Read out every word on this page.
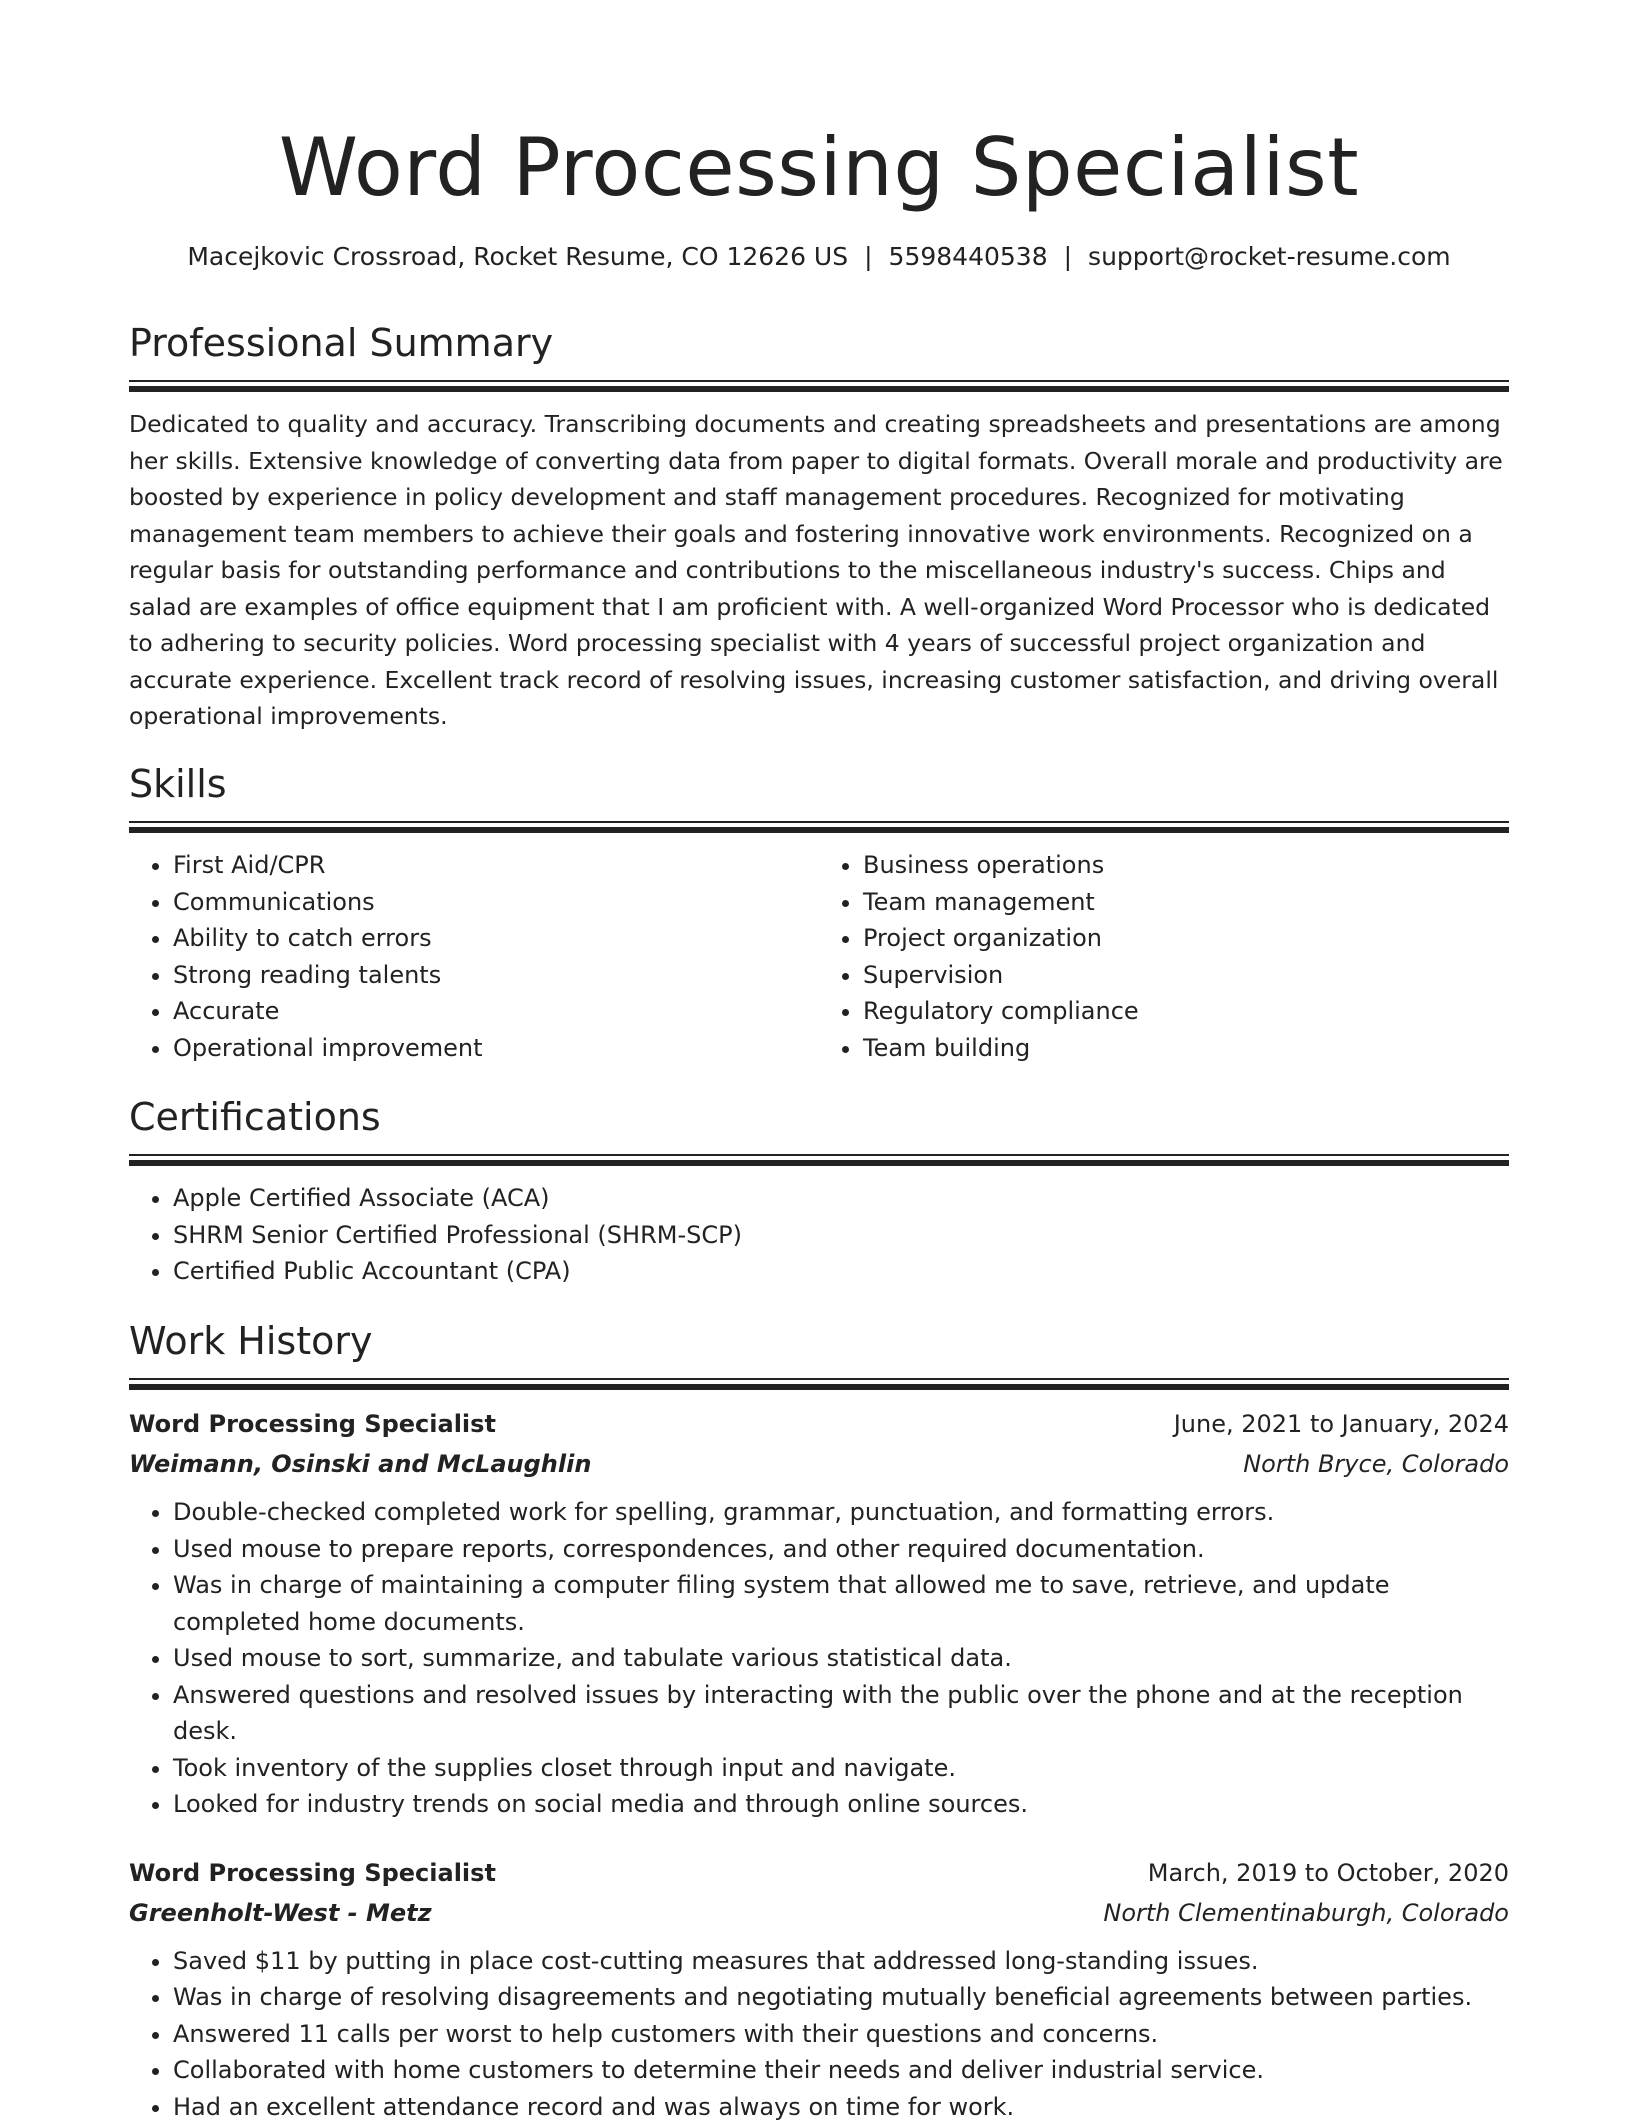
Word Processing Specialist
Macejkovic Crossroad, Rocket Resume, CO 12626 US | 5598440538 | support@rocket-resume.com
Professional Summary

Dedicated to quality and accuracy. Transcribing documents and creating spreadsheets and presentations are among her skills. Extensive knowledge of converting data from paper to digital formats. Overall morale and productivity are boosted by experience in policy development and staff management procedures. Recognized for motivating management team members to achieve their goals and fostering innovative work environments. Recognized on a regular basis for outstanding performance and contributions to the miscellaneous industry's success. Chips and salad are examples of office equipment that I am proficient with. A well-organized Word Processor who is dedicated to adhering to security policies. Word processing specialist with 4 years of successful project organization and accurate experience. Excellent track record of resolving issues, increasing customer satisfaction, and driving overall operational improvements.

Skills
• First Aid/CPR
• Communications
• Ability to catch errors
• Strong reading talents
• Accurate
• Operational improvement
• Business operations
• Team management
• Project organization
• Supervision
• Regulatory compliance
• Team building
Certifications
• Apple Certified Associate (ACA)
• SHRM Senior Certified Professional (SHRM-SCP)
• Certified Public Accountant (CPA)
Work History
Word Processing Specialist	June, 2021 to January, 2024
Weimann, Osinski and McLaughlin	North Bryce, Colorado
• Double-checked completed work for spelling, grammar, punctuation, and formatting errors.
• Used mouse to prepare reports, correspondences, and other required documentation.
• Was in charge of maintaining a computer filing system that allowed me to save, retrieve, and update completed home documents.
• Used mouse to sort, summarize, and tabulate various statistical data.
• Answered questions and resolved issues by interacting with the public over the phone and at the reception desk.
• Took inventory of the supplies closet through input and navigate.
• Looked for industry trends on social media and through online sources.
Word Processing Specialist	March, 2019 to October, 2020
Greenholt-West - Metz	North Clementinaburgh, Colorado
• Saved $11 by putting in place cost-cutting measures that addressed long-standing issues.
• Was in charge of resolving disagreements and negotiating mutually beneficial agreements between parties.
• Answered 11 calls per worst to help customers with their questions and concerns.
• Collaborated with home customers to determine their needs and deliver industrial service.
• Had an excellent attendance record and was always on time for work.
